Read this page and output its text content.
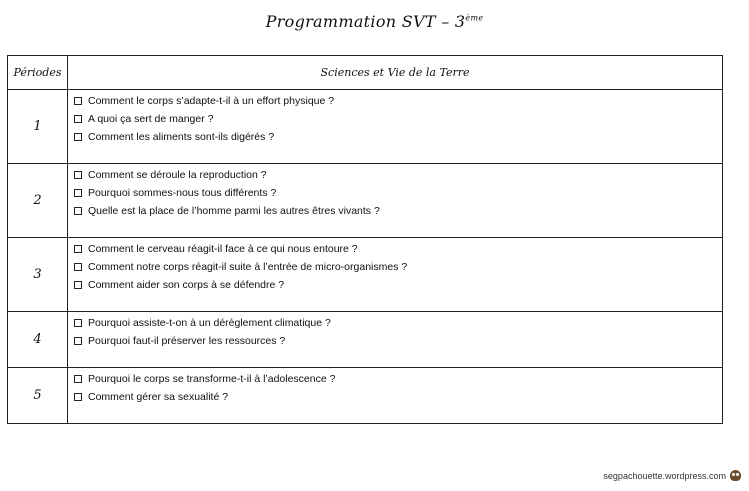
Programmation SVT – 3ème
Périodes	Sciences et Vie de la Terre
1	Comment le corps s’adapte-t-il à un effort physique ?
A quoi ça sert de manger ?
Comment les aliments sont-ils digérés ?

2	Comment se déroule la reproduction ?
Pourquoi sommes-nous tous différents ?
Quelle est la place de l’homme parmi les autres êtres vivants ?

3	Comment le cerveau réagit-il face à ce qui nous entoure ?
Comment notre corps réagit-il suite à l’entrée de micro-organismes ?
Comment aider son corps à se défendre ?

4	Pourquoi assiste-t-on à un dérèglement climatique ?
Pourquoi faut-il préserver les ressources ?

5	Pourquoi le corps se transforme-t-il à l’adolescence ?
Comment gérer sa sexualité ?
segpachouette.wordpress.com
